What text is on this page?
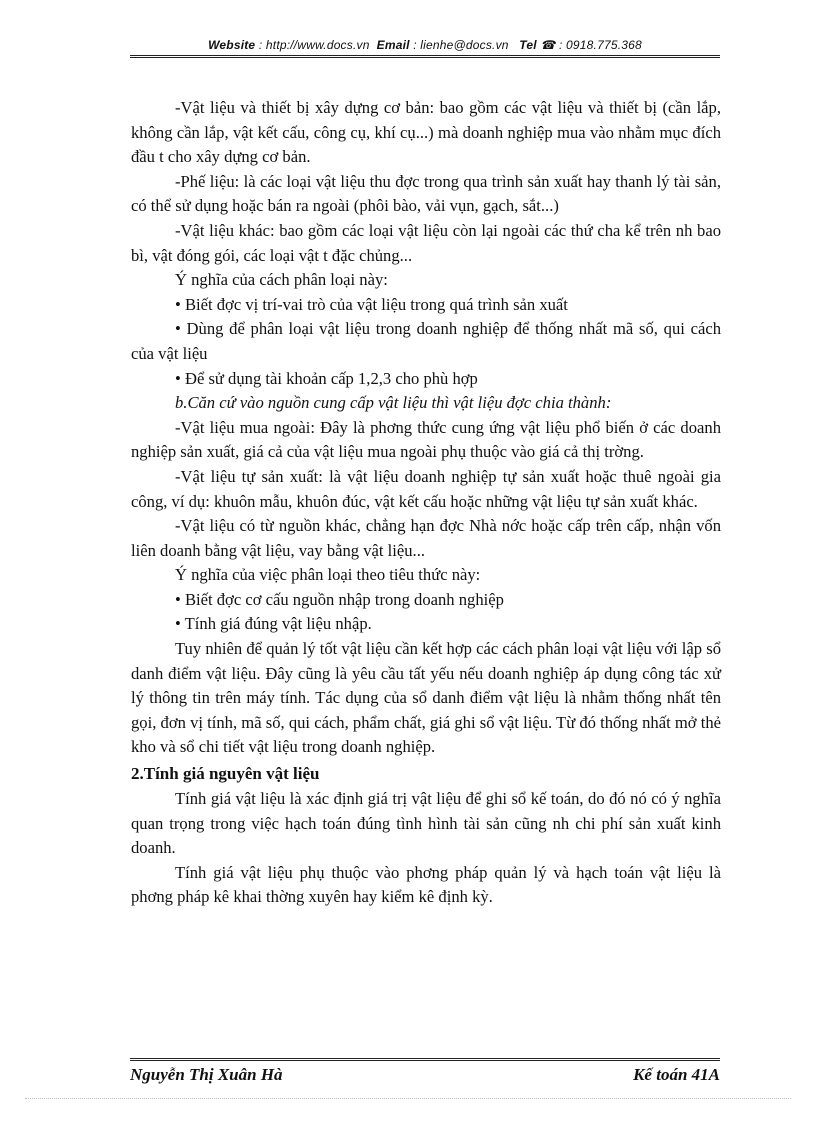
Website : http://www.docs.vn Email : lienhe@docs.vn Tel ☎ : 0918.775.368

-Vật liệu và thiết bị xây dựng cơ bản: bao gồm các vật liệu và thiết bị (cần lắp, không cần lắp, vật kết cấu, công cụ, khí cụ...) mà doanh nghiệp mua vào nhằm mục đích đầu t cho xây dựng cơ bản.

-Phế liệu: là các loại vật liệu thu đợc trong qua trình sản xuất hay thanh lý tài sản, có thể sử dụng hoặc bán ra ngoài (phôi bào, vải vụn, gạch, sắt...)

-Vật liệu khác: bao gồm các loại vật liệu còn lại ngoài các thứ cha kể trên nh bao bì, vật đóng gói, các loại vật t đặc chủng...

Ý nghĩa của cách phân loại này:

• Biết đợc vị trí-vai trò của vật liệu trong quá trình sản xuất

• Dùng để phân loại vật liệu trong doanh nghiệp để thống nhất mã số, qui cách của vật liệu

• Để sử dụng tài khoản cấp 1,2,3 cho phù hợp

b.Căn cứ vào nguồn cung cấp vật liệu thì vật liệu đợc chia thành:

-Vật liệu mua ngoài: Đây là phơng thức cung ứng vật liệu phổ biến ở các doanh nghiệp sản xuất, giá cả của vật liệu mua ngoài phụ thuộc vào giá cả thị trờng.

-Vật liệu tự sản xuất: là vật liệu doanh nghiệp tự sản xuất hoặc thuê ngoài gia công, ví dụ: khuôn mẫu, khuôn đúc, vật kết cấu hoặc những vật liệu tự sản xuất khác.

-Vật liệu có từ nguồn khác, chẳng hạn đợc Nhà nớc hoặc cấp trên cấp, nhận vốn liên doanh bằng vật liệu, vay bằng vật liệu...

Ý nghĩa của việc phân loại theo tiêu thức này:

• Biết đợc cơ cấu nguồn nhập trong doanh nghiệp

• Tính giá đúng vật liệu nhập.

Tuy nhiên để quản lý tốt vật liệu cần kết hợp các cách phân loại vật liệu với lập sổ danh điểm vật liệu. Đây cũng là yêu cầu tất yếu nếu doanh nghiệp áp dụng công tác xử lý thông tin trên máy tính. Tác dụng của sổ danh điểm vật liệu là nhằm thống nhất tên gọi, đơn vị tính, mã số, qui cách, phẩm chất, giá ghi sổ vật liệu. Từ đó thống nhất mở thẻ kho và sổ chi tiết vật liệu trong doanh nghiệp.

2.Tính giá nguyên vật liệu

Tính giá vật liệu là xác định giá trị vật liệu để ghi sổ kế toán, do đó nó có ý nghĩa quan trọng trong việc hạch toán đúng tình hình tài sản cũng nh chi phí sản xuất kinh doanh.

Tính giá vật liệu phụ thuộc vào phơng pháp quản lý và hạch toán vật liệu là phơng pháp kê khai thờng xuyên hay kiểm kê định kỳ.

Nguyễn Thị Xuân Hà	Kế toán 41A
